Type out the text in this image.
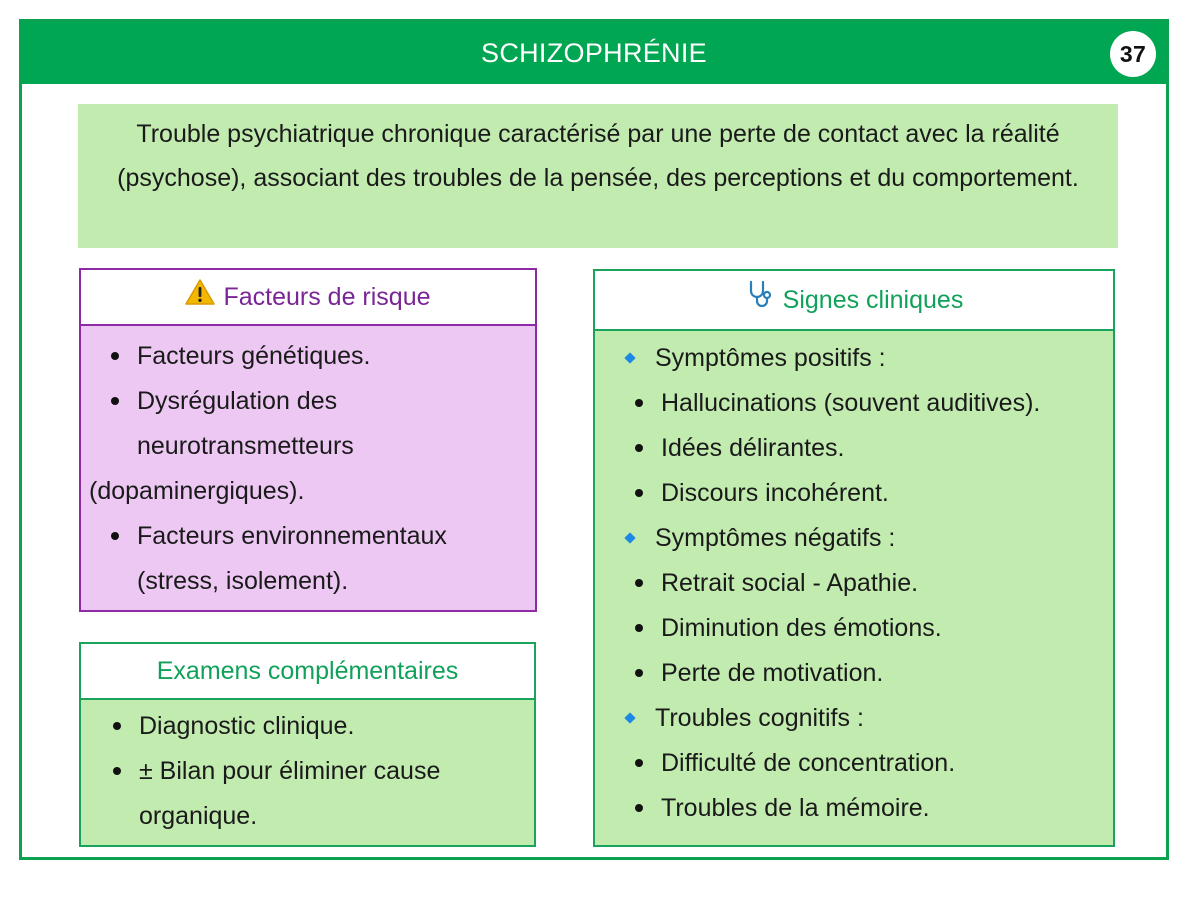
SCHIZOPHRÉNIE	37
Trouble psychiatrique chronique caractérisé par une perte de contact avec la réalité (psychose), associant des troubles de la pensée, des perceptions et du comportement.
Facteurs de risque
Facteurs génétiques.
Dysrégulation des
neurotransmetteurs
(dopaminergiques).
Facteurs environnementaux
(stress, isolement).
Examens complémentaires
Diagnostic clinique.
± Bilan pour éliminer cause
organique.
Signes cliniques
Symptômes positifs :
Hallucinations (souvent auditives).
Idées délirantes.
Discours incohérent.
Symptômes négatifs :
Retrait social - Apathie.
Diminution des émotions.
Perte de motivation.
Troubles cognitifs :
Difficulté de concentration.
Troubles de la mémoire.
